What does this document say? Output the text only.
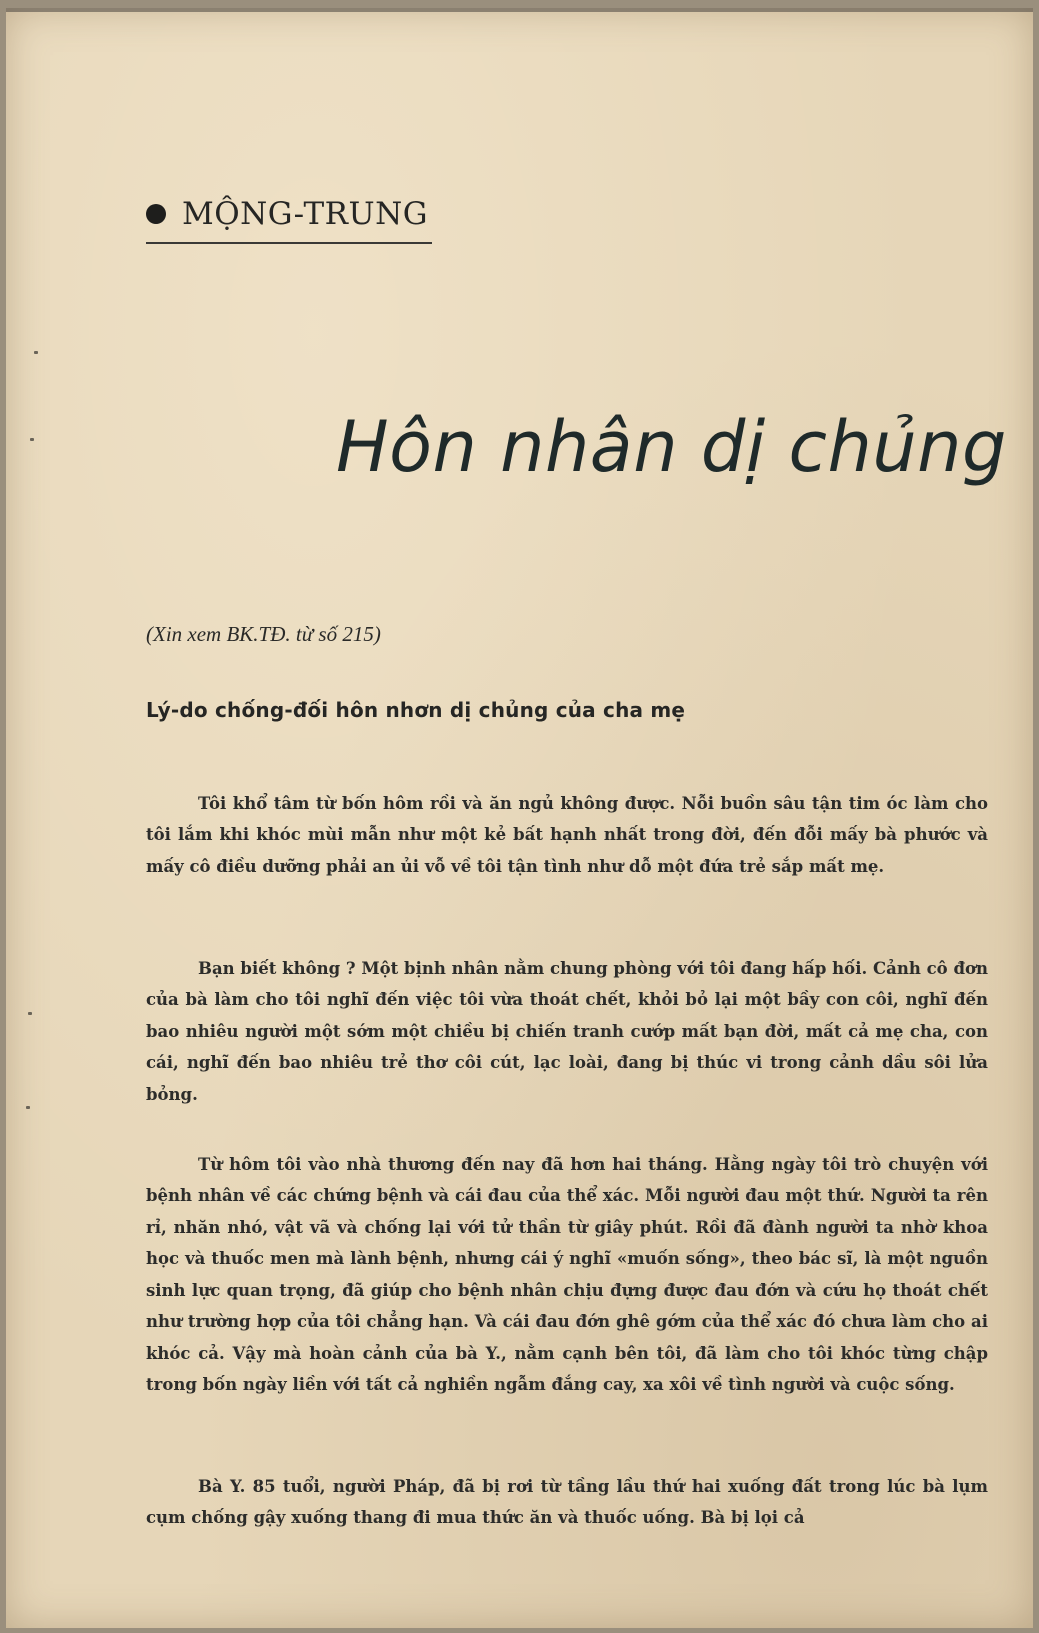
MỘNG-TRUNG
Hôn nhân dị chủng
(Xin xem BK.TĐ. từ số 215)
Lý-do chống-đối hôn nhơn dị chủng của cha mẹ

Tôi khổ tâm từ bốn hôm rồi và ăn ngủ không được. Nỗi buồn sâu tận tim óc làm cho tôi lắm khi khóc mùi mẫn như một kẻ bất hạnh nhất trong đời, đến đỗi mấy bà phước và mấy cô điều dưỡng phải an ủi vỗ về tôi tận tình như dỗ một đứa trẻ sắp mất mẹ.

Bạn biết không ? Một bịnh nhân nằm chung phòng với tôi đang hấp hối. Cảnh cô đơn của bà làm cho tôi nghĩ đến việc tôi vừa thoát chết, khỏi bỏ lại một bầy con côi, nghĩ đến bao nhiêu người một sớm một chiều bị chiến tranh cướp mất bạn đời, mất cả mẹ cha, con cái, nghĩ đến bao nhiêu trẻ thơ côi cút, lạc loài, đang bị thúc vi trong cảnh dầu sôi lửa bỏng.

Từ hôm tôi vào nhà thương đến nay đã hơn hai tháng. Hằng ngày tôi trò chuyện với bệnh nhân về các chứng bệnh và cái đau của thể xác. Mỗi người đau một thứ. Người ta rên rỉ, nhăn nhó, vật vã và chống lại với tử thần từ giây phút. Rồi đã đành người ta nhờ khoa học và thuốc men mà lành bệnh, nhưng cái ý nghĩ «muốn sống», theo bác sĩ, là một nguồn sinh lực quan trọng, đã giúp cho bệnh nhân chịu đựng được đau đớn và cứu họ thoát chết như trường hợp của tôi chẳng hạn. Và cái đau đớn ghê gớm của thể xác đó chưa làm cho ai khóc cả. Vậy mà hoàn cảnh của bà Y., nằm cạnh bên tôi, đã làm cho tôi khóc từng chập trong bốn ngày liền với tất cả nghiền ngẫm đắng cay, xa xôi về tình người và cuộc sống.

Bà Y. 85 tuổi, người Pháp, đã bị rơi từ tầng lầu thứ hai xuống đất trong lúc bà lụm cụm chống gậy xuống thang đi mua thức ăn và thuốc uống. Bà bị lọi cả
